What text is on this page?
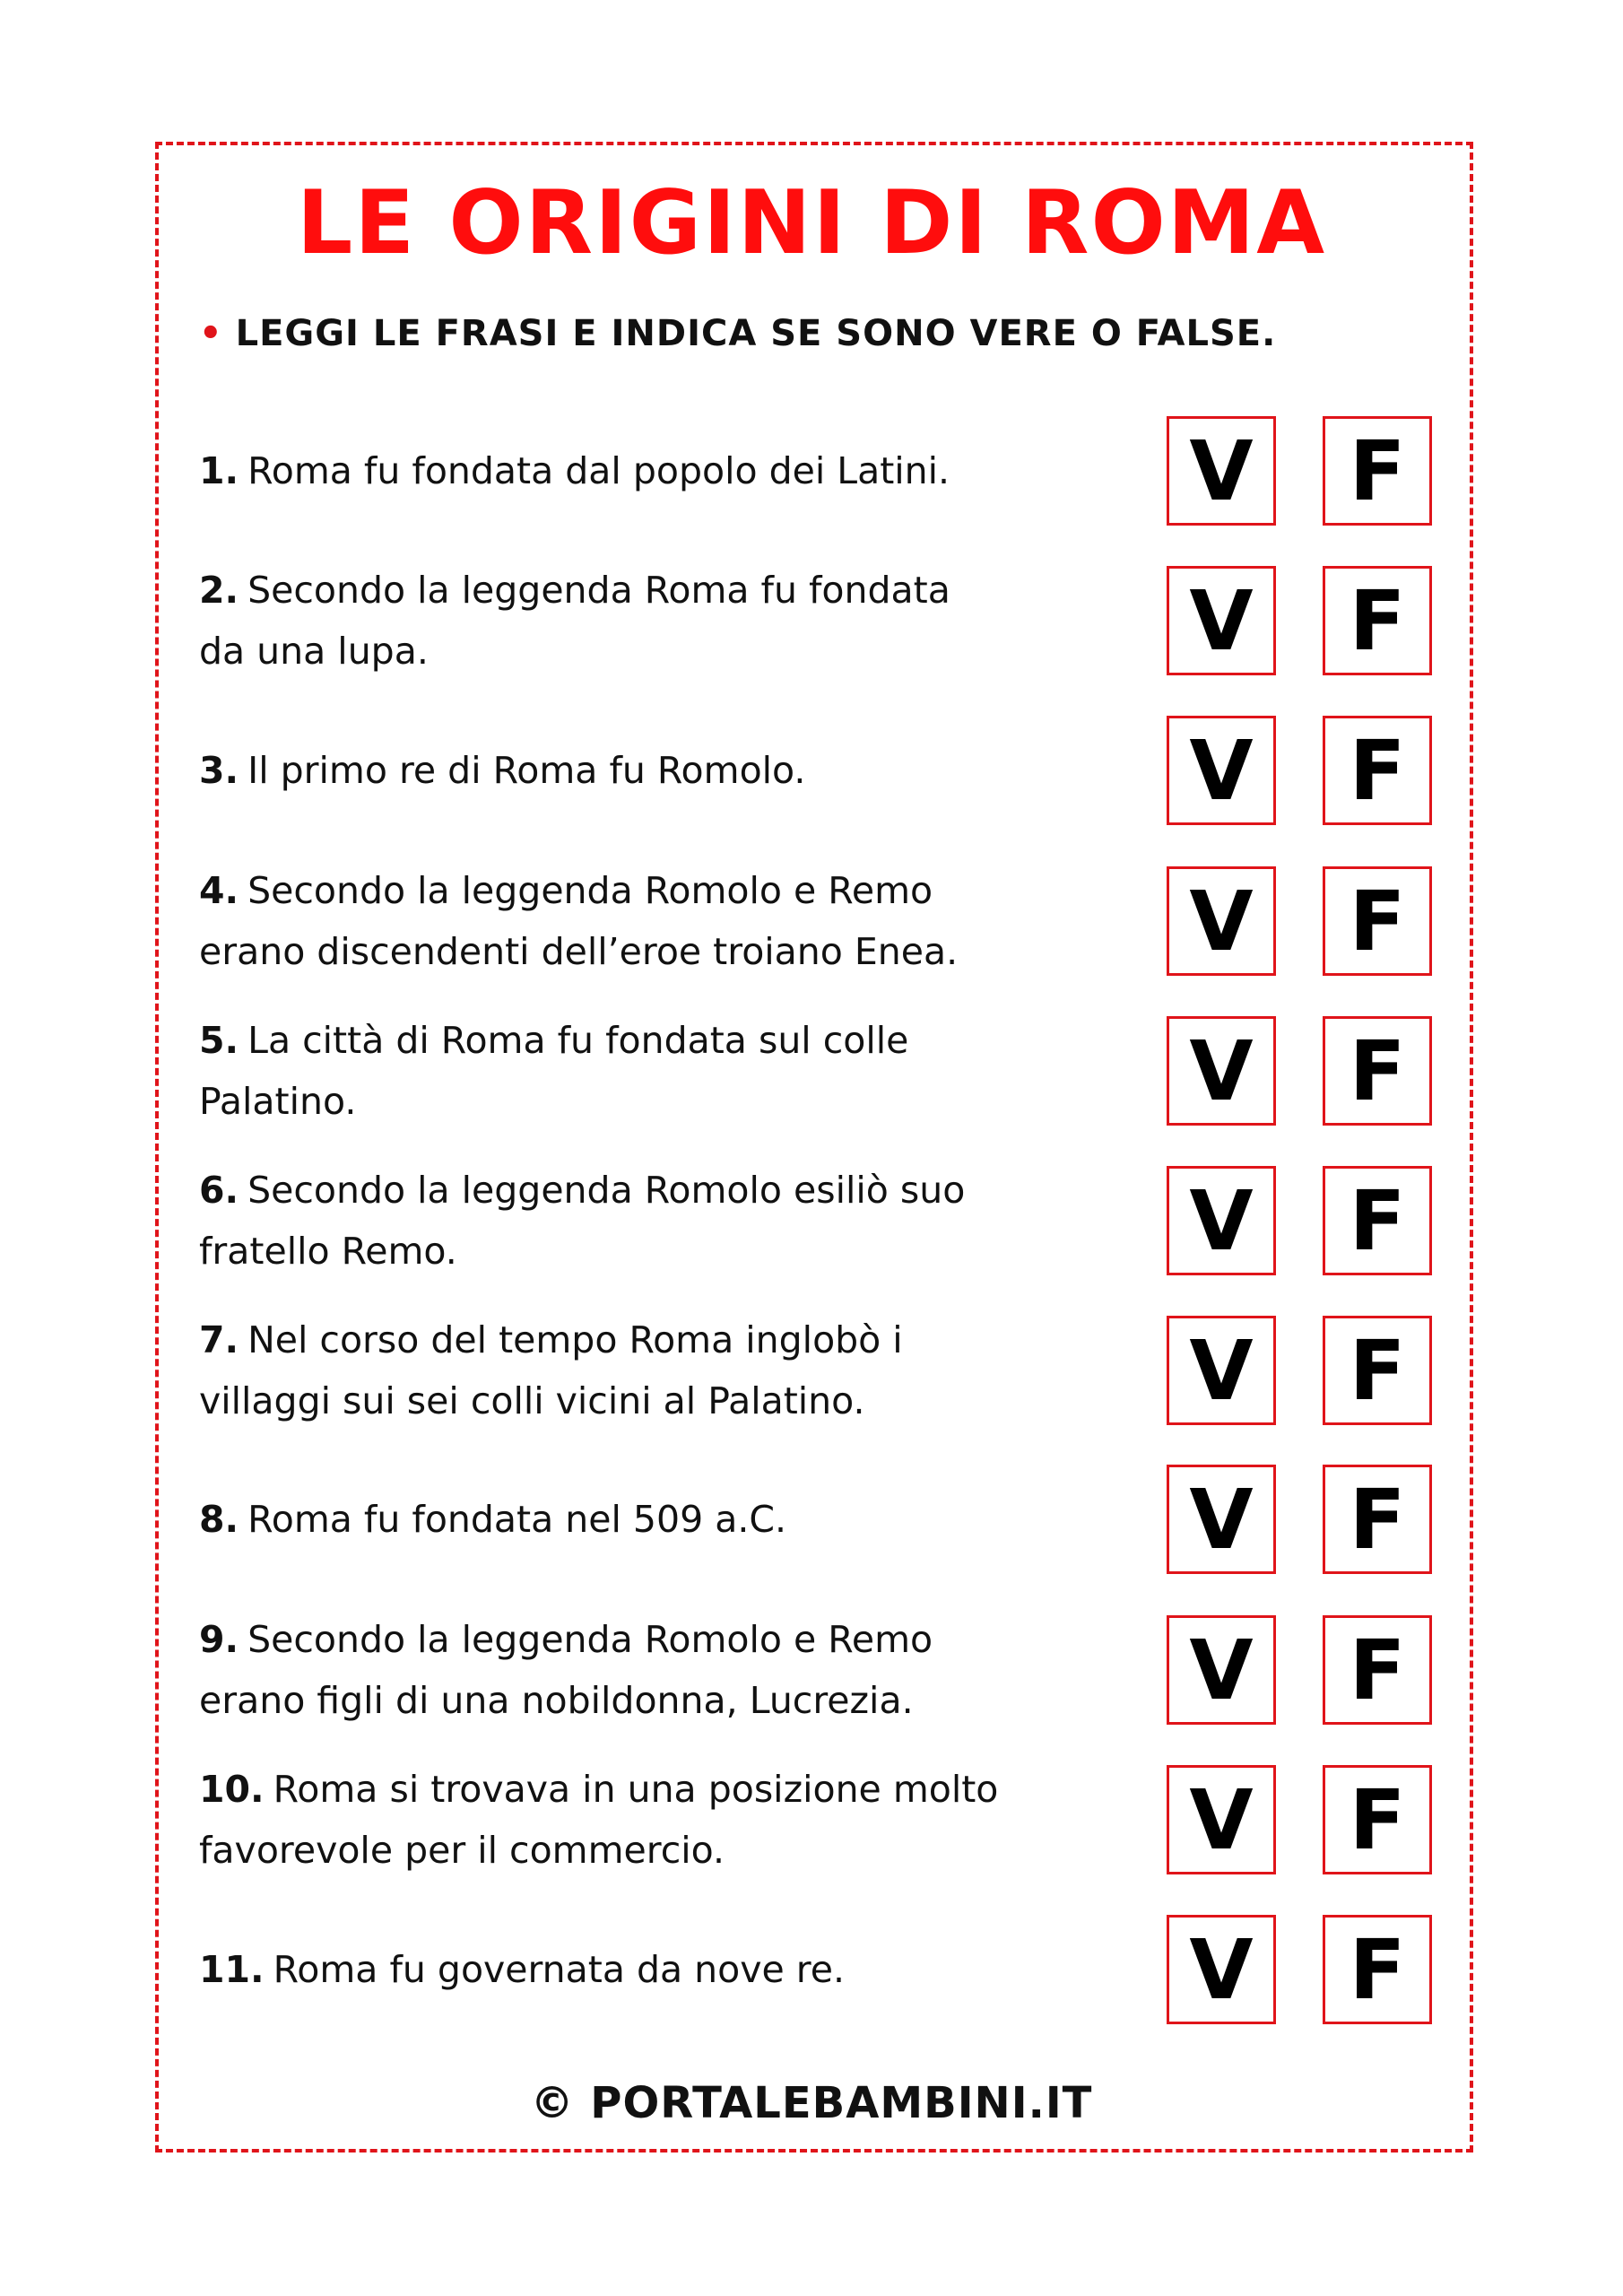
LE ORIGINI DI ROMA
• LEGGI LE FRASI E INDICA SE SONO VERE O FALSE.
1. Roma fu fondata dal popolo dei Latini.	V	F
2. Secondo la leggenda Roma fu fondata
da una lupa.	V	F
3. Il primo re di Roma fu Romolo.	V	F
4. Secondo la leggenda Romolo e Remo
erano discendenti dell’eroe troiano Enea.	V	F
5. La città di Roma fu fondata sul colle
Palatino.	V	F
6. Secondo la leggenda Romolo esiliò suo
fratello Remo.	V	F
7. Nel corso del tempo Roma inglobò i
villaggi sui sei colli vicini al Palatino.	V	F
8. Roma fu fondata nel 509 a.C.	V	F
9. Secondo la leggenda Romolo e Remo
erano figli di una nobildonna, Lucrezia.	V	F
10. Roma si trovava in una posizione molto
favorevole per il commercio.	V	F
11. Roma fu governata da nove re.	V	F
© PORTALEBAMBINI.IT
